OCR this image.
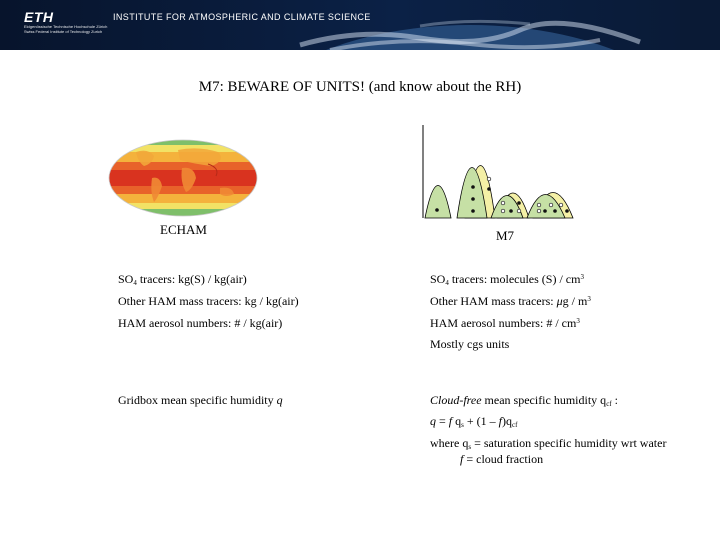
ETH
Eidgenössische Technische Hochschule Zürich
Swiss Federal Institute of Technology Zurich
INSTITUTE FOR ATMOSPHERIC AND CLIMATE SCIENCE
M7: BEWARE OF UNITS! (and know about the RH)
ECHAM	M7
$SO_4$ tracers: kg(S) / kg(air)
Other HAM mass tracers: kg / kg(air)
HAM aerosol numbers: # / kg(air)
Gridbox mean specific humidity q
$SO_4$ tracers: molecules $(S) / cm^3$
Other HAM mass tracers: μg / $m^3$
HAM aerosol numbers: # / $cm^3$
Mostly cgs units
Cloud-free mean specific humidity $q_{cf}$ :
q = f $q_s + (1 - f)q_{cf}$
where $q_s$ = saturation specific humidity wrt water
f = cloud fraction
